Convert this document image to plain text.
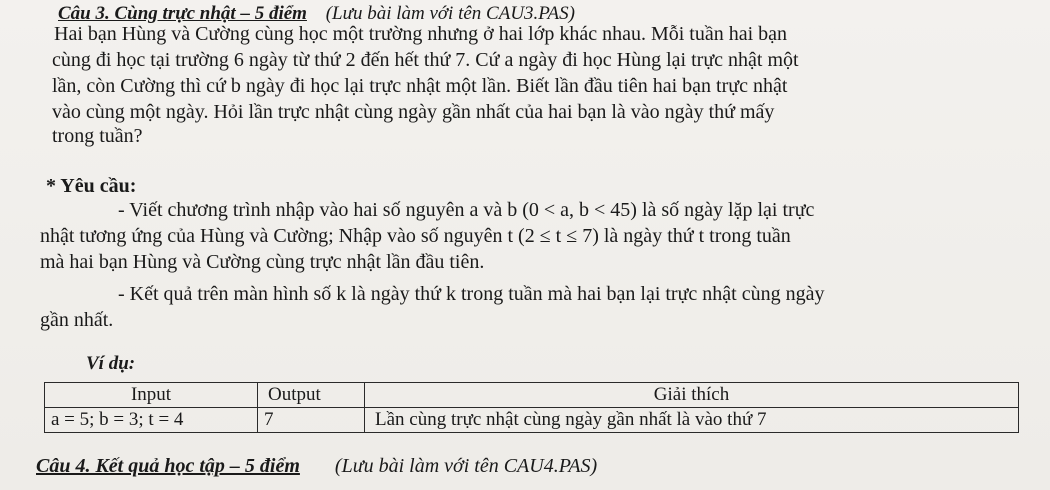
Câu 3. Cùng trực nhật – 5 điểm (Lưu bài làm với tên CAU3.PAS)
Hai bạn Hùng và Cường cùng học một trường nhưng ở hai lớp khác nhau. Mỗi tuần hai bạn
cùng đi học tại trường 6 ngày từ thứ 2 đến hết thứ 7. Cứ a ngày đi học Hùng lại trực nhật một
lần, còn Cường thì cứ b ngày đi học lại trực nhật một lần. Biết lần đầu tiên hai bạn trực nhật
vào cùng một ngày. Hỏi lần trực nhật cùng ngày gần nhất của hai bạn là vào ngày thứ mấy
trong tuần?
* Yêu cầu:
- Viết chương trình nhập vào hai số nguyên a và b (0 < a, b < 45) là số ngày lặp lại trực
nhật tương ứng của Hùng và Cường; Nhập vào số nguyên t (2 ≤ t ≤ 7) là ngày thứ t trong tuần
mà hai bạn Hùng và Cường cùng trực nhật lần đầu tiên.
- Kết quả trên màn hình số k là ngày thứ k trong tuần mà hai bạn lại trực nhật cùng ngày
gần nhất.
Ví dụ:
Input	Output	Giải thích
a = 5; b = 3; t = 4	7	Lần cùng trực nhật cùng ngày gần nhất là vào thứ 7
Câu 4. Kết quả học tập – 5 điểm (Lưu bài làm với tên CAU4.PAS)
